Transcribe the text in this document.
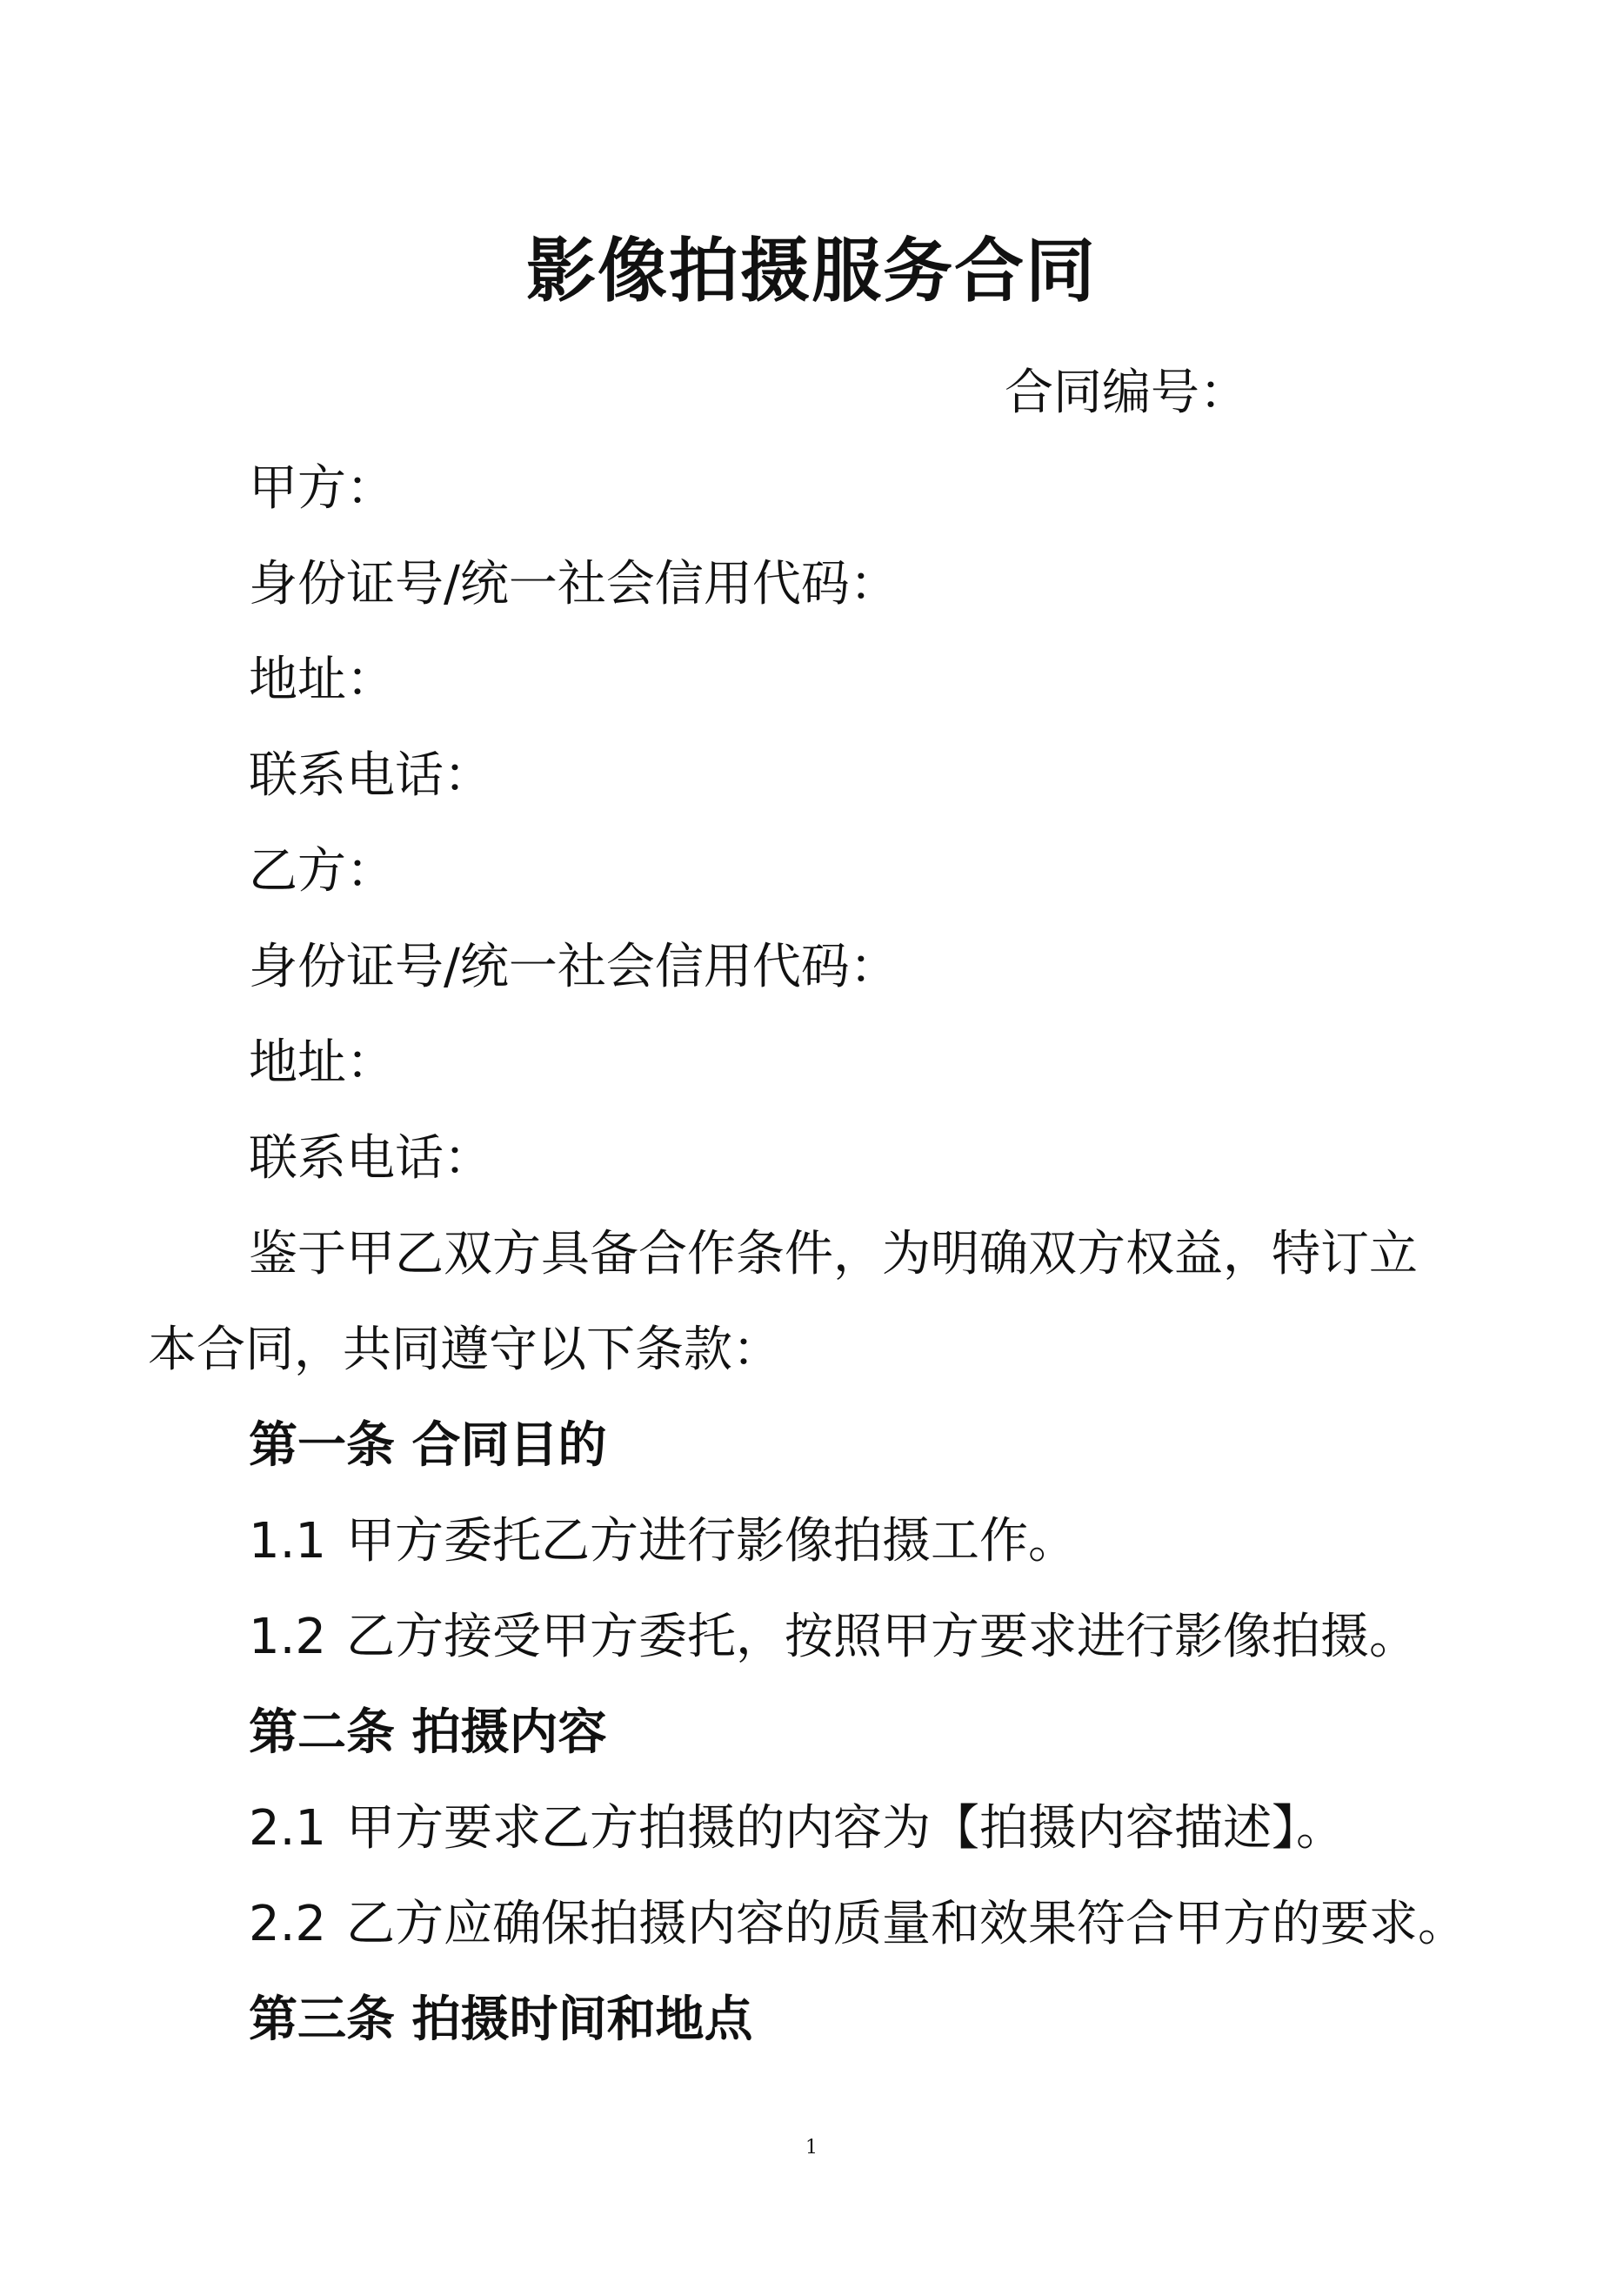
影像拍摄服务合同
合同编号：
甲方：
身份证号/统一社会信用代码：
地址：
联系电话：
乙方：
身份证号/统一社会信用代码：
地址：
联系电话：
鉴于甲乙双方具备合作条件，为明确双方权益，特订立
本合同，共同遵守以下条款：
第一条 合同目的
1.1 甲方委托乙方进行影像拍摄工作。
1.2 乙方接受甲方委托，按照甲方要求进行影像拍摄。
第二条 拍摄内容
2.1 甲方要求乙方拍摄的内容为【拍摄内容描述】。
2.2 乙方应确保拍摄内容的质量和效果符合甲方的要求。
第三条 拍摄时间和地点
1
